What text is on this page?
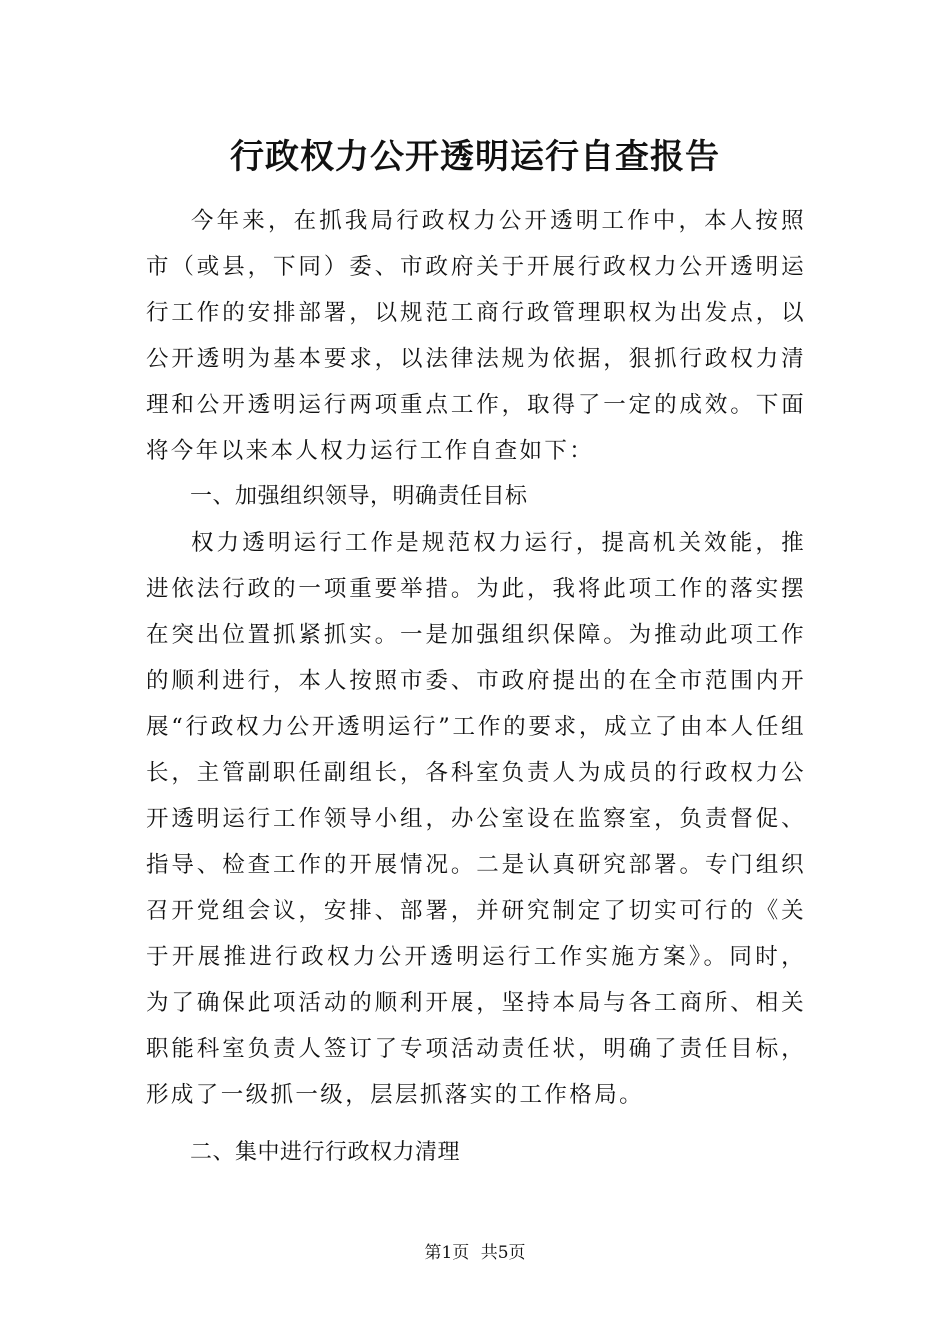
行政权力公开透明运行自查报告

今年来，在抓我局行政权力公开透明工作中，本人按照市（或县，下同）委、市政府关于开展行政权力公开透明运行工作的安排部署，以规范工商行政管理职权为出发点，以公开透明为基本要求，以法律法规为依据，狠抓行政权力清理和公开透明运行两项重点工作，取得了一定的成效。下面将今年以来本人权力运行工作自查如下：

一、加强组织领导，明确责任目标

权力透明运行工作是规范权力运行，提高机关效能，推进依法行政的一项重要举措。为此，我将此项工作的落实摆在突出位置抓紧抓实。一是加强组织保障。为推动此项工作的顺利进行，本人按照市委、市政府提出的在全市范围内开展“行政权力公开透明运行”工作的要求，成立了由本人任组长，主管副职任副组长，各科室负责人为成员的行政权力公开透明运行工作领导小组，办公室设在监察室，负责督促、指导、检查工作的开展情况。二是认真研究部署。专门组织召开党组会议，安排、部署，并研究制定了切实可行的《关于开展推进行政权力公开透明运行工作实施方案》。同时，为了确保此项活动的顺利开展，坚持本局与各工商所、相关职能科室负责人签订了专项活动责任状，明确了责任目标，形成了一级抓一级，层层抓落实的工作格局。

二、集中进行行政权力清理

第1页 共5页
